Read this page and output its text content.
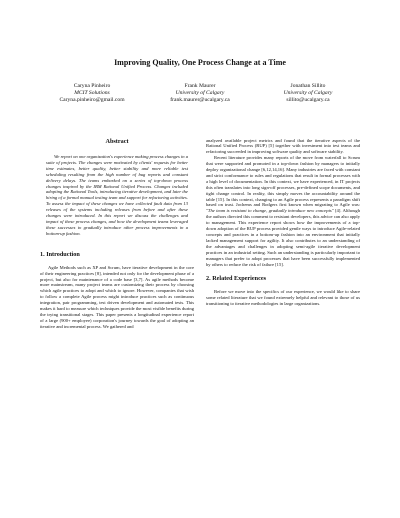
Improving Quality, One Process Change at a Time
Caryna Pinheiro
MCIT Solutions
Caryna.pinheiro@gmail.com
Frank Maurer
University of Calgary
frank.maurer@ucalgary.ca
Jonathan Sillito
University of Calgary
sillito@ucalgary.ca
Abstract
We report on one organization's experience making process changes in a suite of projects. The changes were motivated by clients' requests for better time estimates, better quality, better stability and more reliable test scheduling resulting from the high number of bug reports and constant delivery delays. The teams embarked on a series of top-down process changes inspired by the IBM Rational Unified Process. Changes included adopting the Rational Tools, introducing iterative development, and later the hiring of a formal manual testing team and support for refactoring activities. To assess the impact of these changes we have collected fault data from 13 releases of the systems including releases from before and after these changes were introduced. In this report we discuss the challenges and impact of these process changes, and how the development teams leveraged these successes to gradually introduce other process improvements in a bottom-up fashion.
1. Introduction

Agile Methods such as XP and Scrum, have iterative development in the core of their engineering practices [8], intended not only for the development phase of a project, but also for maintenance of a code base [3,7]. As agile methods become more mainstream, many project teams are customizing their process by choosing which agile practices to adopt and which to ignore. However, companies that wish to follow a complete Agile process might introduce practices such as continuous integration, pair programming, test driven development and automated tests. This makes it hard to measure which techniques provide the most visible benefits during the trying transitional stages. This paper presents a longitudinal experience report of a large (900+ employee) corporation's journey towards the goal of adopting an iterative and incremental process. We gathered and

analyzed available project metrics and found that the iterative aspects of the Rational Unified Process (RUP) [5] together with investment into test teams and refactoring succeeded in improving software quality and software stability.

Recent literature provides many reports of the move from waterfall to Scrum that were supported and promoted in a top-down fashion by managers to initially deploy organizational change [6,12,14,16]. Many industries are faced with constant and strict conformance to rules and regulations that result in formal processes with a high level of documentation. In this context, we have experienced, in IT projects this often translates into long sign-off processes, pre-defined scope documents, and tight change control. In reality, this simply moves the accountability around the table [15]. In this context, changing to an Agile process represents a paradigm shift based on trust. Jochems and Rodgers first known when migrating to Agile was: "The team is resistant to change, gradually introduce new concepts" [4]. Although the authors directed this comment to resistant developers, this advice can also apply to management. This experience report shows how the improvements of a top-down adoption of the RUP process provided gentle ways to introduce Agile-related concepts and practices in a bottom-up fashion into an environment that initially lacked management support for agility. It also contributes to an understanding of the advantages and challenges in adopting semi-agile iterative development practices in an industrial setting. Such an understanding is particularly important to managers that prefer to adopt processes that have been successfully implemented by others to reduce the risk of failure [15].

2. Related Experiences

Before we move into the specifics of our experience, we would like to share some related literature that we found extremely helpful and relevant to those of us transitioning to iterative methodologies in large organizations.
